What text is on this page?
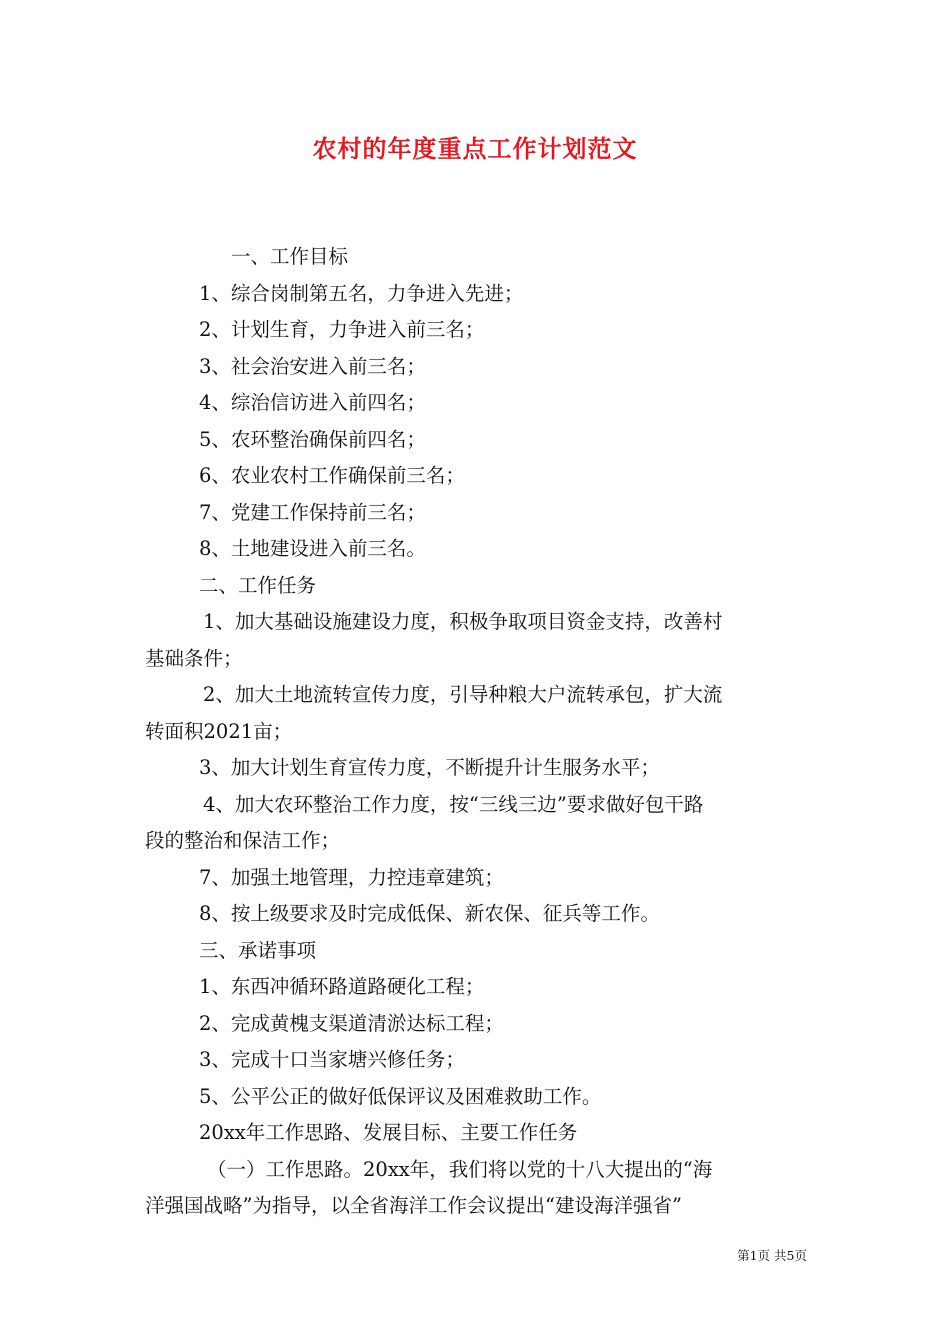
农村的年度重点工作计划范文

一、工作目标

1、综合岗制第五名，力争进入先进；

2、计划生育，力争进入前三名；

3、社会治安进入前三名；

4、综治信访进入前四名；

5、农环整治确保前四名；

6、农业农村工作确保前三名；

7、党建工作保持前三名；

8、土地建设进入前三名。

二、工作任务

1、加大基础设施建设力度，积极争取项目资金支持，改善村

基础条件；

2、加大土地流转宣传力度，引导种粮大户流转承包，扩大流

转面积2021亩；

3、加大计划生育宣传力度，不断提升计生服务水平；

4、加大农环整治工作力度，按“三线三边”要求做好包干路

段的整治和保洁工作；

7、加强土地管理，力控违章建筑；

8、按上级要求及时完成低保、新农保、征兵等工作。

三、承诺事项

1、东西冲循环路道路硬化工程；

2、完成黄槐支渠道清淤达标工程；

3、完成十口当家塘兴修任务；

5、公平公正的做好低保评议及困难救助工作。

20xx年工作思路、发展目标、主要工作任务

（一）工作思路。20xx年，我们将以党的十八大提出的“海

洋强国战略”为指导，以全省海洋工作会议提出“建设海洋强省”

第1页 共5页
